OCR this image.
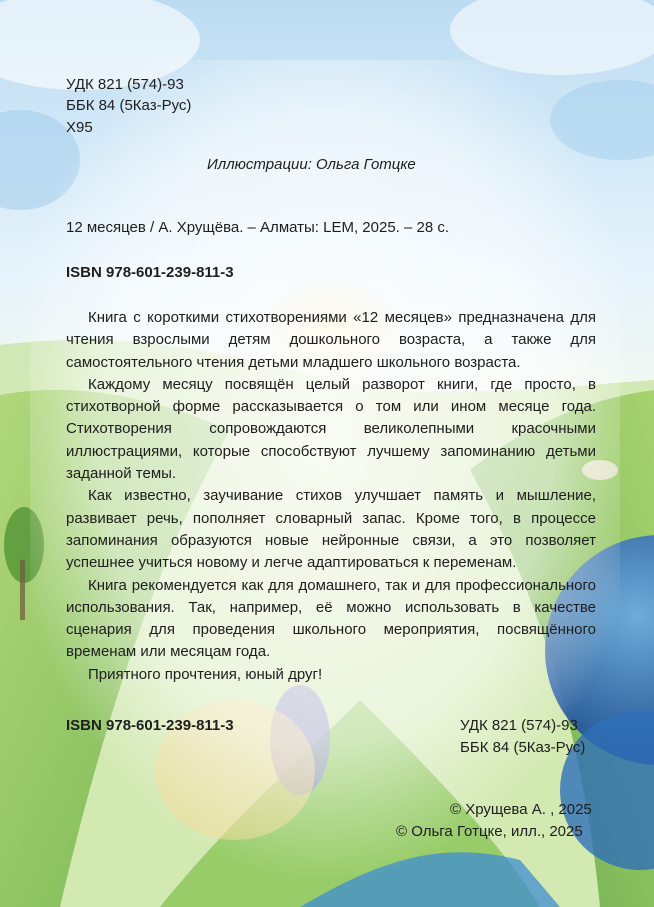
УДК 821 (574)-93
ББК 84 (5Каз-Рус)
Х95
Иллюстрации: Ольга Готцке
12 месяцев / А. Хрущёва. – Алматы: LEM, 2025. – 28 с.
ISBN 978-601-239-811-3
Книга с короткими стихотворениями «12 месяцев» предназначена для чтения взрослыми детям дошкольного возраста, а также для самостоятельного чтения детьми младшего школьного возраста.
Каждому месяцу посвящён целый разворот книги, где просто, в стихотворной форме рассказывается о том или ином месяце года. Стихотворения сопровождаются великолепными красочными иллюстрациями, которые способствуют лучшему запоминанию детьми заданной темы.
Как известно, заучивание стихов улучшает память и мышление, развивает речь, пополняет словарный запас. Кроме того, в процессе запоминания образуются новые нейронные связи, а это позволяет успешнее учиться новому и легче адаптироваться к переменам.
Книга рекомендуется как для домашнего, так и для профессионального использования. Так, например, её можно использовать в качестве сценария для проведения школьного мероприятия, посвящённого временам или месяцам года.
Приятного прочтения, юный друг!
ISBN 978-601-239-811-3	УДК 821 (574)-93
ББК 84 (5Каз-Рус)
© Хрущева А. , 2025
© Ольга Готцке, илл., 2025
